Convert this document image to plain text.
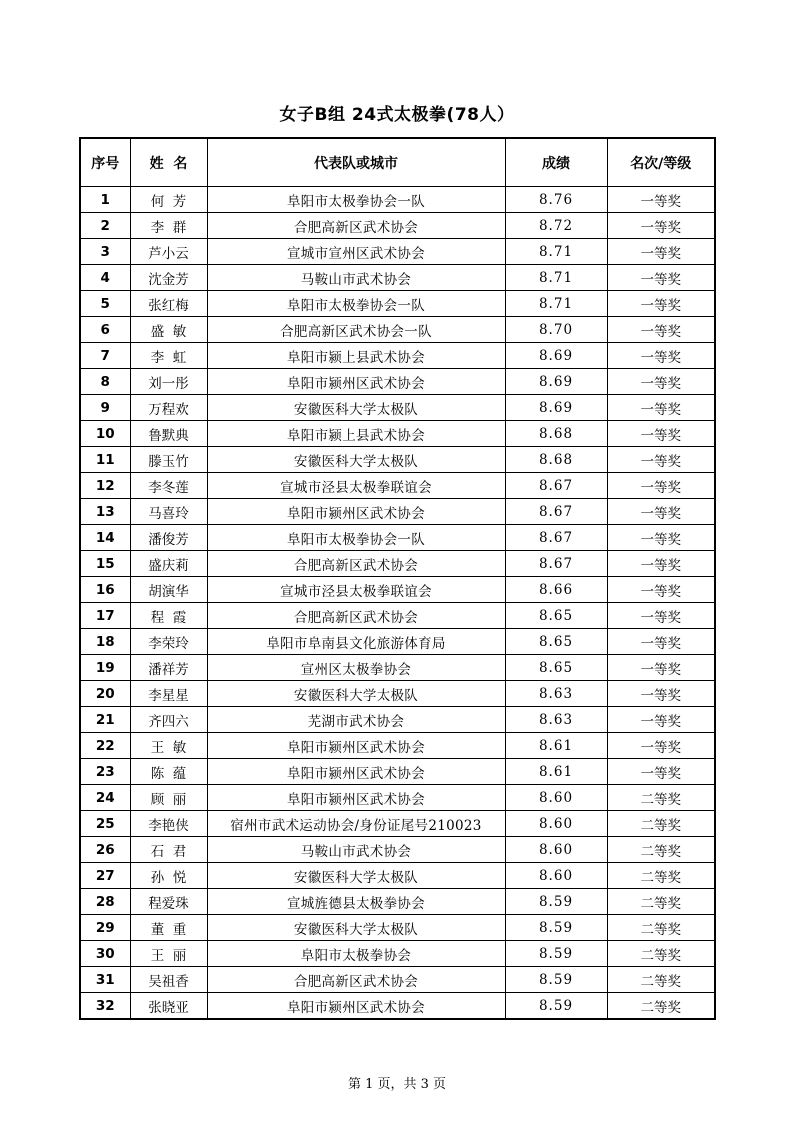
女子B组 24式太极拳(78人）
序号	姓  名	代表队或城市	成绩	名次/等级
1	何  芳	阜阳市太极拳协会一队	8.76	一等奖
2	李  群	合肥高新区武术协会	8.72	一等奖
3	芦小云	宣城市宣州区武术协会	8.71	一等奖
4	沈金芳	马鞍山市武术协会	8.71	一等奖
5	张红梅	阜阳市太极拳协会一队	8.71	一等奖
6	盛  敏	合肥高新区武术协会一队	8.70	一等奖
7	李  虹	阜阳市颍上县武术协会	8.69	一等奖
8	刘一彤	阜阳市颍州区武术协会	8.69	一等奖
9	万程欢	安徽医科大学太极队	8.69	一等奖
10	鲁默典	阜阳市颍上县武术协会	8.68	一等奖
11	滕玉竹	安徽医科大学太极队	8.68	一等奖
12	李冬莲	宣城市泾县太极拳联谊会	8.67	一等奖
13	马喜玲	阜阳市颍州区武术协会	8.67	一等奖
14	潘俊芳	阜阳市太极拳协会一队	8.67	一等奖
15	盛庆莉	合肥高新区武术协会	8.67	一等奖
16	胡演华	宣城市泾县太极拳联谊会	8.66	一等奖
17	程  霞	合肥高新区武术协会	8.65	一等奖
18	李荣玲	阜阳市阜南县文化旅游体育局	8.65	一等奖
19	潘祥芳	宣州区太极拳协会	8.65	一等奖
20	李星星	安徽医科大学太极队	8.63	一等奖
21	齐四六	芜湖市武术协会	8.63	一等奖
22	王  敏	阜阳市颍州区武术协会	8.61	一等奖
23	陈  蕴	阜阳市颍州区武术协会	8.61	一等奖
24	顾  丽	阜阳市颍州区武术协会	8.60	二等奖
25	李艳侠	宿州市武术运动协会/身份证尾号210023	8.60	二等奖
26	石  君	马鞍山市武术协会	8.60	二等奖
27	孙  悦	安徽医科大学太极队	8.60	二等奖
28	程爱珠	宣城旌德县太极拳协会	8.59	二等奖
29	董  重	安徽医科大学太极队	8.59	二等奖
30	王  丽	阜阳市太极拳协会	8.59	二等奖
31	吴祖香	合肥高新区武术协会	8.59	二等奖
32	张晓亚	阜阳市颍州区武术协会	8.59	二等奖
第 1 页，共 3 页
